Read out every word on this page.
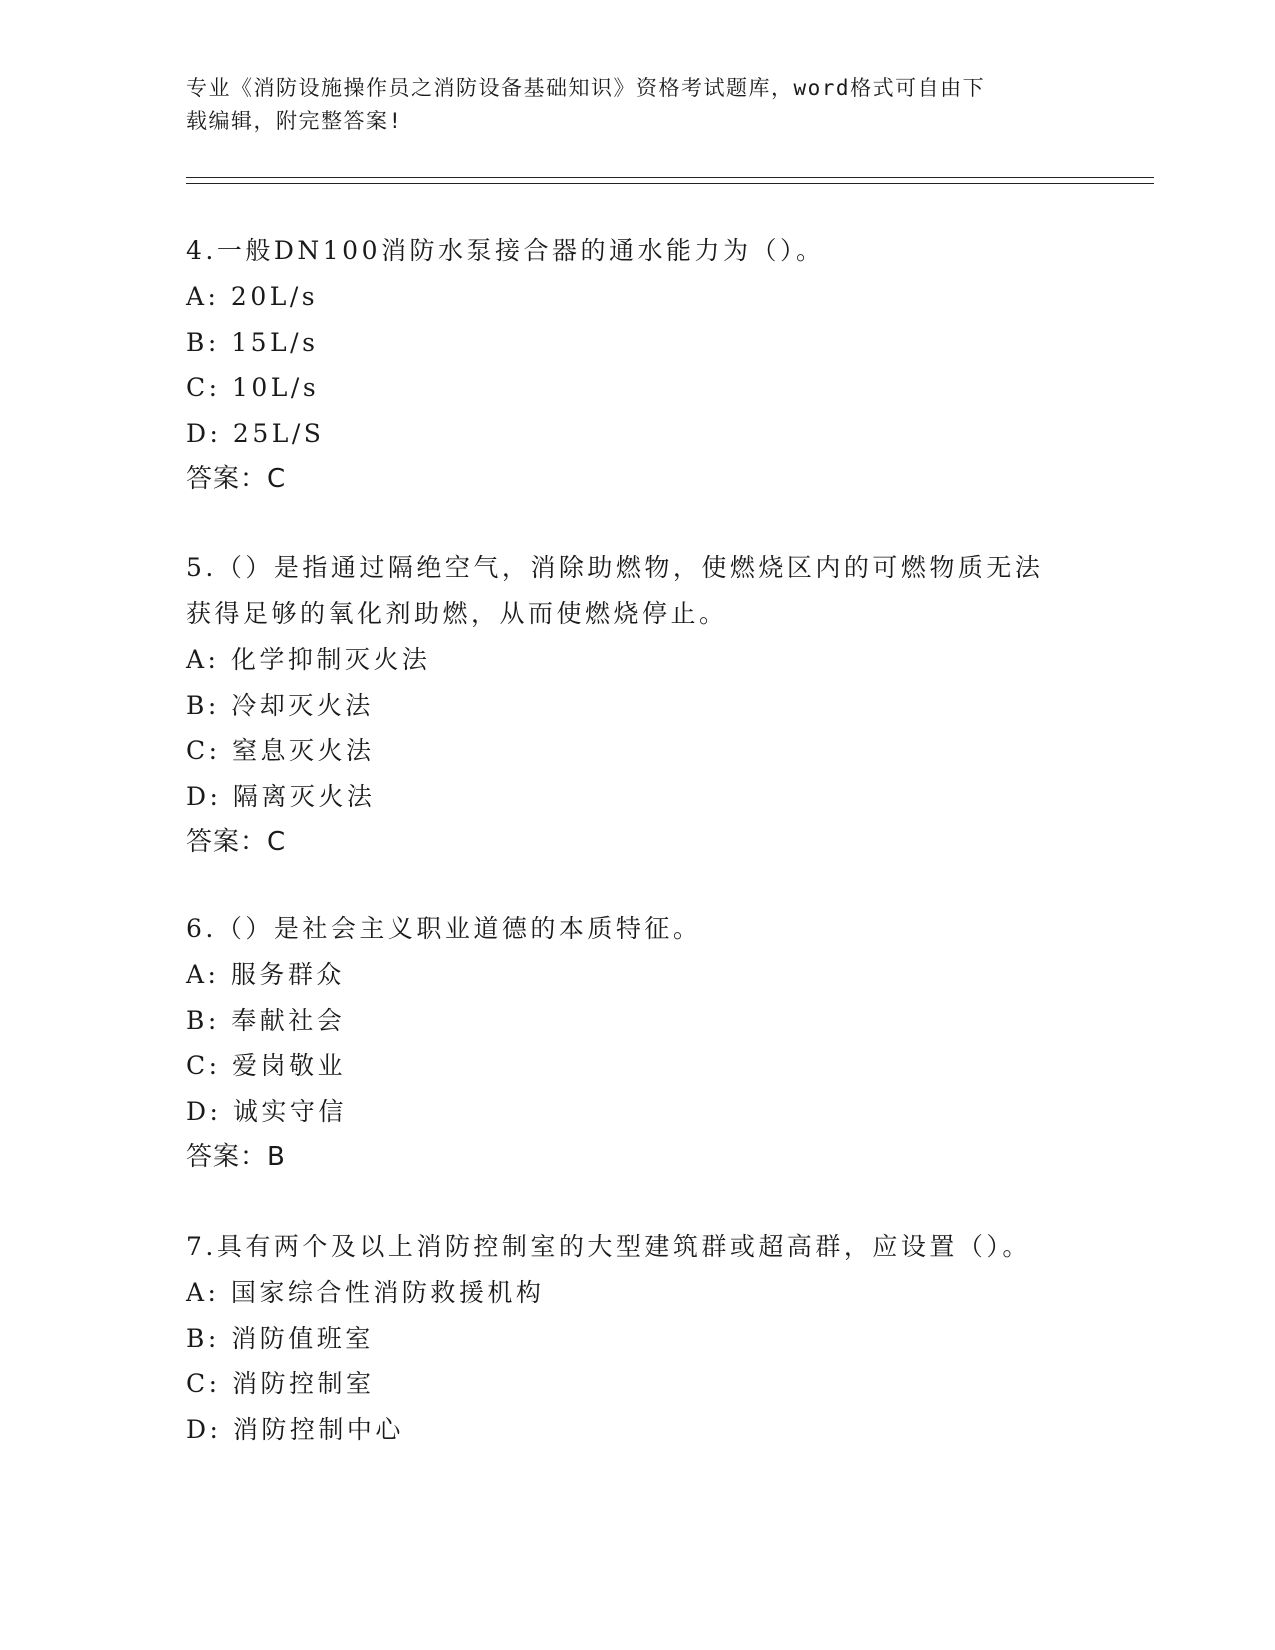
专业《消防设施操作员之消防设备基础知识》资格考试题库，word格式可自由下
载编辑，附完整答案!
4.一般DN100消防水泵接合器的通水能力为（）。
A: 20L/s
B: 15L/s
C: 10L/s
D: 25L/S
答案：C
5.（）是指通过隔绝空气，消除助燃物，使燃烧区内的可燃物质无法
获得足够的氧化剂助燃，从而使燃烧停止。
A: 化学抑制灭火法
B: 冷却灭火法
C: 窒息灭火法
D: 隔离灭火法
答案：C
6.（）是社会主义职业道德的本质特征。
A: 服务群众
B: 奉献社会
C: 爱岗敬业
D: 诚实守信
答案：B
7.具有两个及以上消防控制室的大型建筑群或超高群，应设置（）。
A: 国家综合性消防救援机构
B: 消防值班室
C: 消防控制室
D: 消防控制中心
